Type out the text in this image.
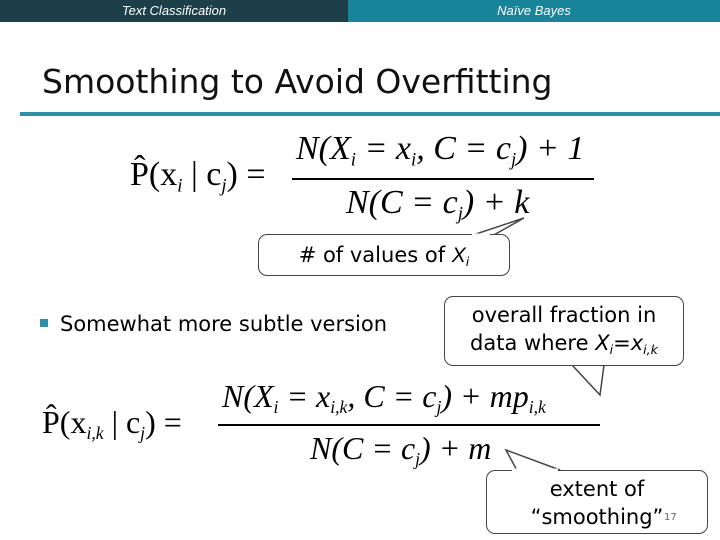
Text Classification	Naïve Bayes
Smoothing to Avoid Overfitting
$P̂(x_i$ | $c_j$) =
$N(X_i = x_i$, $C = c_j) + 1$
$N(C = c_j) + k$
# of values of Xi
Somewhat more subtle version	overall fraction in
data where Xi=xi,k
$P̂(x_{i,k}$ | $c_j$) =
$N(X_i = x_{i,k}$, $C = c_j) + mp_{i,k}$
$N(C = c_j) + m$
extent of
“smoothing” 17
